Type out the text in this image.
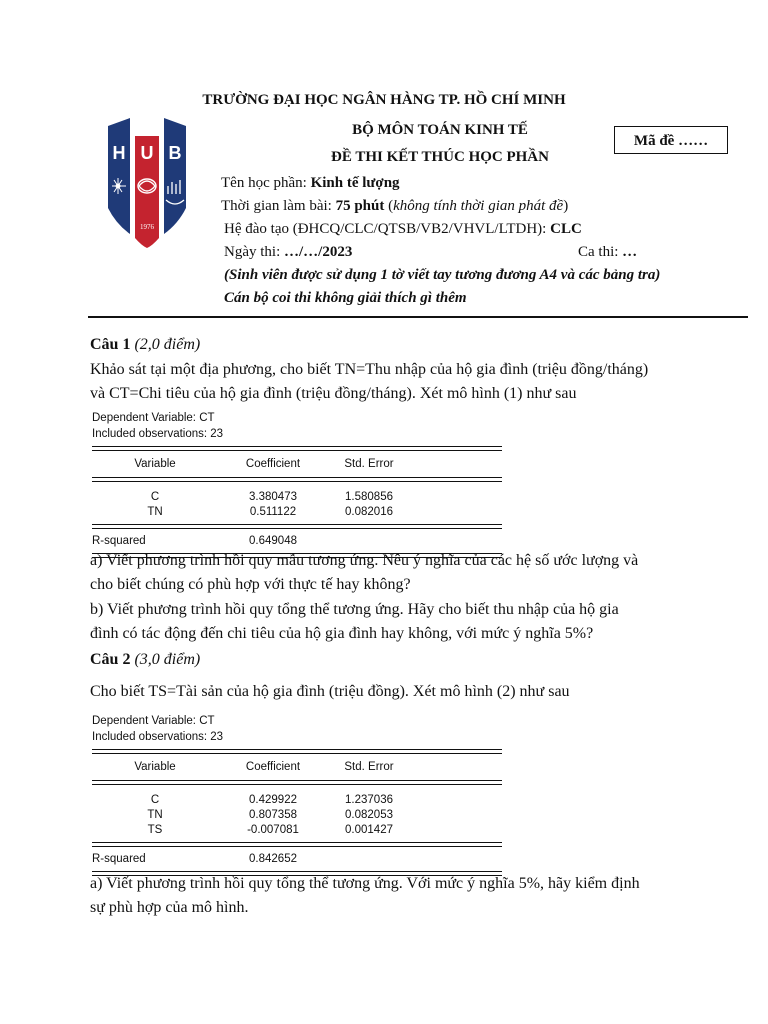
H U B
1976
TRƯỜNG ĐẠI HỌC NGÂN HÀNG TP. HỒ CHÍ MINH
BỘ MÔN TOÁN KINH TẾ
ĐỀ THI KẾT THÚC HỌC PHẦN
Mã đề ……
Tên học phần: Kinh tế lượng
Thời gian làm bài: 75 phút (không tính thời gian phát đề)
Hệ đào tạo (ĐHCQ/CLC/QTSB/VB2/VHVL/LTDH): CLC
Ngày thi: …/…/2023	Ca thi: …
(Sinh viên được sử dụng 1 tờ viết tay tương đương A4 và các bảng tra)
Cán bộ coi thi không giải thích gì thêm
Câu 1 (2,0 điểm)
Khảo sát tại một địa phương, cho biết TN=Thu nhập của hộ gia đình (triệu đồng/tháng)
và CT=Chi tiêu của hộ gia đình (triệu đồng/tháng). Xét mô hình (1) như sau
Dependent Variable: CT
Included observations: 23
Variable	Coefficient	Std. Error
C	3.380473	1.580856
TN	0.511122	0.082016
R-squared	0.649048
a) Viết phương trình hồi quy mẫu tương ứng. Nêu ý nghĩa của các hệ số ước lượng và
cho biết chúng có phù hợp với thực tế hay không?
b) Viết phương trình hồi quy tổng thể tương ứng. Hãy cho biết thu nhập của hộ gia
đình có tác động đến chi tiêu của hộ gia đình hay không, với mức ý nghĩa 5%?
Câu 2 (3,0 điểm)
Cho biết TS=Tài sản của hộ gia đình (triệu đồng). Xét mô hình (2) như sau
Dependent Variable: CT
Included observations: 23
Variable	Coefficient	Std. Error
C	0.429922	1.237036
TN	0.807358	0.082053
TS	-0.007081	0.001427
R-squared	0.842652
a) Viết phương trình hồi quy tổng thể tương ứng. Với mức ý nghĩa 5%, hãy kiểm định
sự phù hợp của mô hình.
